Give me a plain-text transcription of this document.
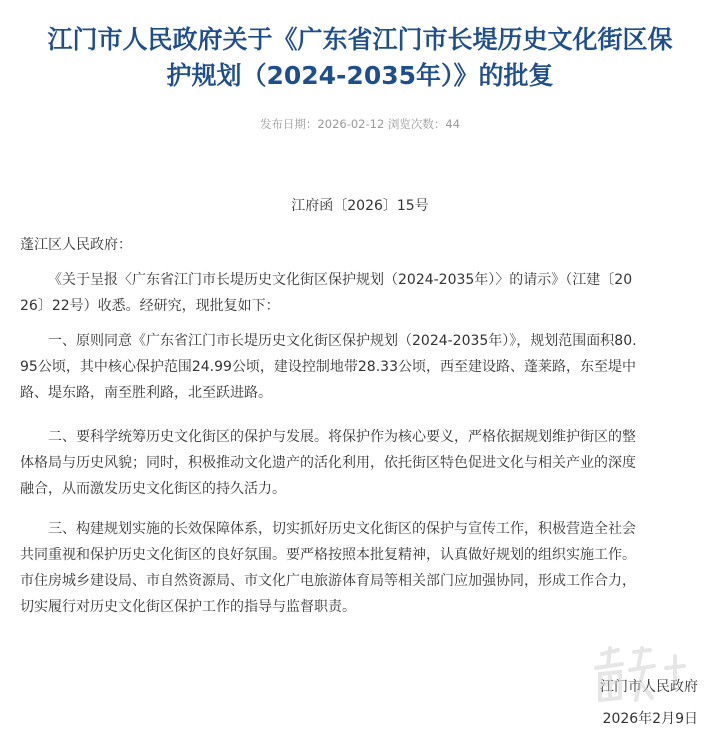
江门市人民政府关于《广东省江门市长堤历史文化街区保
护规划（2024-2035年）》的批复
发布日期：2026-02-12 浏览次数：44
江府函〔2026〕15号
蓬江区人民政府：
《关于呈报〈广东省江门市长堤历史文化街区保护规划（2024-2035年）〉的请示》（江建〔20
26〕22号）收悉。经研究，现批复如下：
一、原则同意《广东省江门市长堤历史文化街区保护规划（2024-2035年）》，规划范围面积80.
95公顷，其中核心保护范围24.99公顷，建设控制地带28.33公顷，西至建设路、蓬莱路，东至堤中
路、堤东路，南至胜利路，北至跃进路。
二、要科学统筹历史文化街区的保护与发展。将保护作为核心要义，严格依据规划维护街区的整
体格局与历史风貌；同时，积极推动文化遗产的活化利用，依托街区特色促进文化与相关产业的深度
融合，从而激发历史文化街区的持久活力。
三、构建规划实施的长效保障体系，切实抓好历史文化街区的保护与宣传工作，积极营造全社会
共同重视和保护历史文化街区的良好氛围。要严格按照本批复精神，认真做好规划的组织实施工作。
市住房城乡建设局、市自然资源局、市文化广电旅游体育局等相关部门应加强协同，形成工作合力，
切实履行对历史文化街区保护工作的指导与监督职责。
江门市人民政府
2026年2月9日
